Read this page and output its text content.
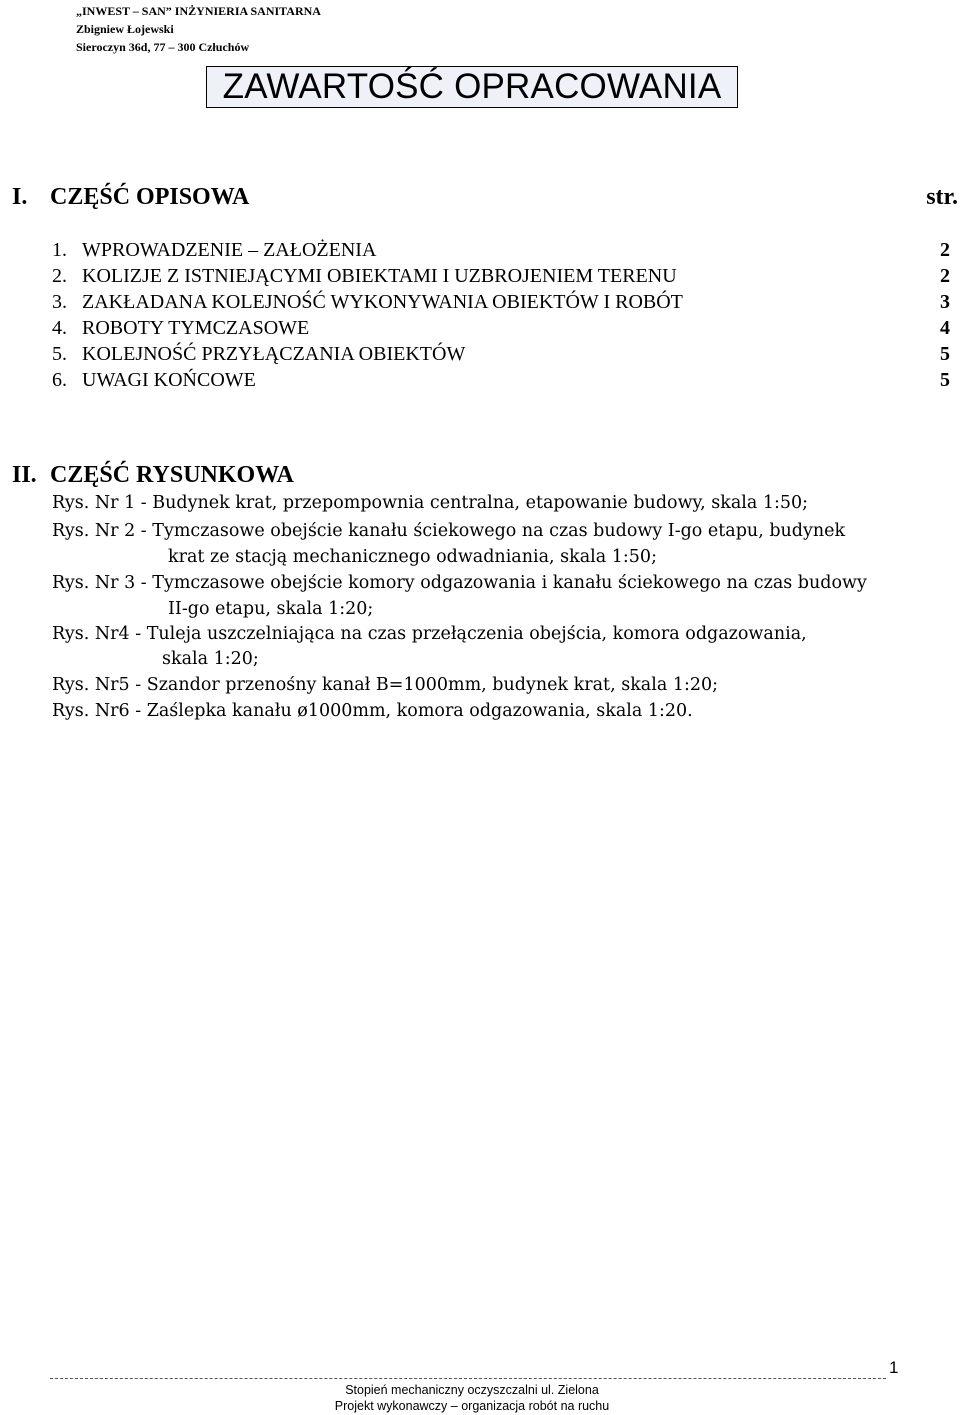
„INWEST – SAN” INŻYNIERIA SANITARNA
Zbigniew Łojewski
Sieroczyn 36d, 77 – 300 Człuchów
ZAWARTOŚĆ OPRACOWANIA
I. CZĘŚĆ OPISOWA	str.
1. WPROWADZENIE – ZAŁOŻENIA	2
2. KOLIZJE Z ISTNIEJĄCYMI OBIEKTAMI I UZBROJENIEM TERENU	2
3. ZAKŁADANA KOLEJNOŚĆ WYKONYWANIA OBIEKTÓW I ROBÓT	3
4. ROBOTY TYMCZASOWE	4
5. KOLEJNOŚĆ PRZYŁĄCZANIA OBIEKTÓW	5
6. UWAGI KOŃCOWE	5
II. CZĘŚĆ RYSUNKOWA
Rys. Nr 1 - Budynek krat, przepompownia centralna, etapowanie budowy, skala 1:50;
Rys. Nr 2 - Tymczasowe obejście kanału ściekowego na czas budowy I-go etapu, budynek
krat ze stacją mechanicznego odwadniania, skala 1:50;
Rys. Nr 3 - Tymczasowe obejście komory odgazowania i kanału ściekowego na czas budowy
II-go etapu, skala 1:20;
Rys. Nr4 - Tuleja uszczelniająca na czas przełączenia obejścia, komora odgazowania,
skala 1:20;
Rys. Nr5 - Szandor przenośny kanał B=1000mm, budynek krat, skala 1:20;
Rys. Nr6 - Zaślepka kanału ø1000mm, komora odgazowania, skala 1:20.
1
Stopień mechaniczny oczyszczalni ul. Zielona
Projekt wykonawczy – organizacja robót na ruchu
